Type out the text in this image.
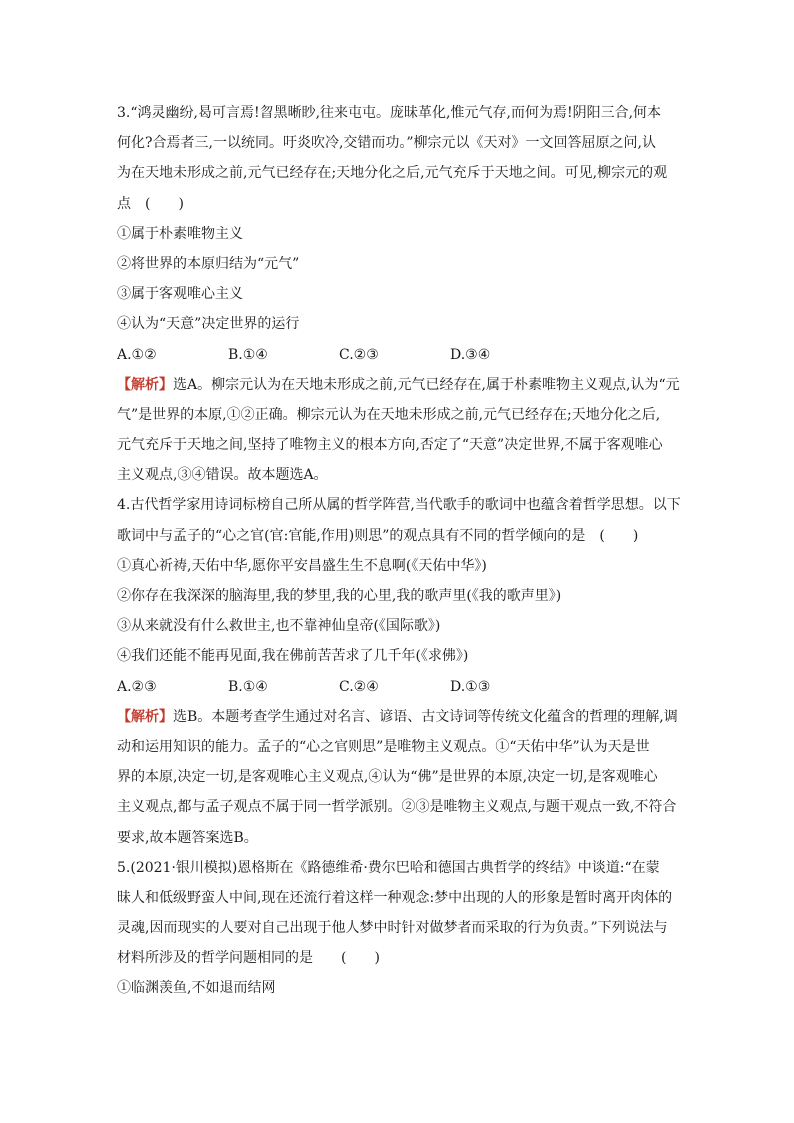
3.“鸿灵幽纷,曷可言焉!曶黑晰眇,往来屯屯。庞昧革化,惟元气存,而何为焉!阴阳三合,何本
何化?合焉者三,一以统同。吁炎吹冷,交错而功。”柳宗元以《天对》一文回答屈原之问,认
为在天地未形成之前,元气已经存在;天地分化之后,元气充斥于天地之间。可见,柳宗元的观
点　(　　)
①属于朴素唯物主义
②将世界的本原归结为“元气”
③属于客观唯心主义
④认为“天意”决定世界的运行
A.①②	B.①④	C.②③	D.③④
【解析】选A。柳宗元认为在天地未形成之前,元气已经存在,属于朴素唯物主义观点,认为“元
气”是世界的本原,①②正确。柳宗元认为在天地未形成之前,元气已经存在;天地分化之后,
元气充斥于天地之间,坚持了唯物主义的根本方向,否定了“天意”决定世界,不属于客观唯心
主义观点,③④错误。故本题选A。
4.古代哲学家用诗词标榜自己所从属的哲学阵营,当代歌手的歌词中也蕴含着哲学思想。以下
歌词中与孟子的“心之官(官:官能,作用)则思”的观点具有不同的哲学倾向的是　(　　)
①真心祈祷,天佑中华,愿你平安昌盛生生不息啊(《天佑中华》)
②你存在我深深的脑海里,我的梦里,我的心里,我的歌声里(《我的歌声里》)
③从来就没有什么救世主,也不靠神仙皇帝(《国际歌》)
④我们还能不能再见面,我在佛前苦苦求了几千年(《求佛》)
A.②③	B.①④	C.②④	D.①③
【解析】选B。本题考查学生通过对名言、谚语、古文诗词等传统文化蕴含的哲理的理解,调
动和运用知识的能力。孟子的“心之官则思”是唯物主义观点。①“天佑中华”认为天是世
界的本原,决定一切,是客观唯心主义观点,④认为“佛”是世界的本原,决定一切,是客观唯心
主义观点,都与孟子观点不属于同一哲学派别。②③是唯物主义观点,与题干观点一致,不符合
要求,故本题答案选B。
5.(2021·银川模拟)恩格斯在《路德维希·费尔巴哈和德国古典哲学的终结》中谈道:“在蒙
昧人和低级野蛮人中间,现在还流行着这样一种观念:梦中出现的人的形象是暂时离开肉体的
灵魂,因而现实的人要对自己出现于他人梦中时针对做梦者而采取的行为负责。”下列说法与
材料所涉及的哲学问题相同的是　　(　　)
①临渊羡鱼,不如退而结网
